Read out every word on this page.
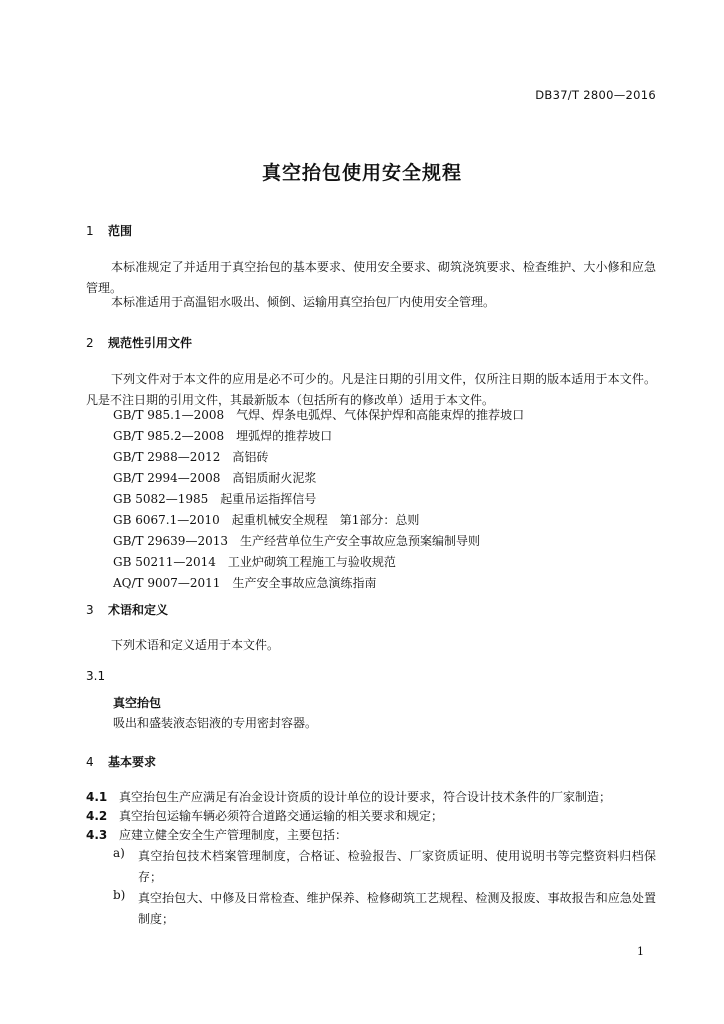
DB37/T 2800—2016
真空抬包使用安全规程
1 范围
本标准规定了并适用于真空抬包的基本要求、使用安全要求、砌筑浇筑要求、检查维护、大小修和应急管理。
本标准适用于高温铝水吸出、倾倒、运输用真空抬包厂内使用安全管理。
2 规范性引用文件
下列文件对于本文件的应用是必不可少的。凡是注日期的引用文件，仅所注日期的版本适用于本文件。凡是不注日期的引用文件，其最新版本（包括所有的修改单）适用于本文件。
GB/T 985.1—2008　气焊、焊条电弧焊、气体保护焊和高能束焊的推荐坡口
GB/T 985.2—2008　埋弧焊的推荐坡口
GB/T 2988—2012　高铝砖
GB/T 2994—2008　高铝质耐火泥浆
GB 5082—1985　起重吊运指挥信号
GB 6067.1—2010　起重机械安全规程　第1部分：总则
GB/T 29639—2013　生产经营单位生产安全事故应急预案编制导则
GB 50211—2014　工业炉砌筑工程施工与验收规范
AQ/T 9007—2011　生产安全事故应急演练指南
3 术语和定义
下列术语和定义适用于本文件。
3.1
真空抬包
吸出和盛装液态铝液的专用密封容器。
4 基本要求
4.1 真空抬包生产应满足有冶金设计资质的设计单位的设计要求，符合设计技术条件的厂家制造；
4.2 真空抬包运输车辆必须符合道路交通运输的相关要求和规定；
4.3 应建立健全安全生产管理制度，主要包括：
a) 真空抬包技术档案管理制度，合格证、检验报告、厂家资质证明、使用说明书等完整资料归档保存；
b) 真空抬包大、中修及日常检查、维护保养、检修砌筑工艺规程、检测及报废、事故报告和应急处置制度；
1
